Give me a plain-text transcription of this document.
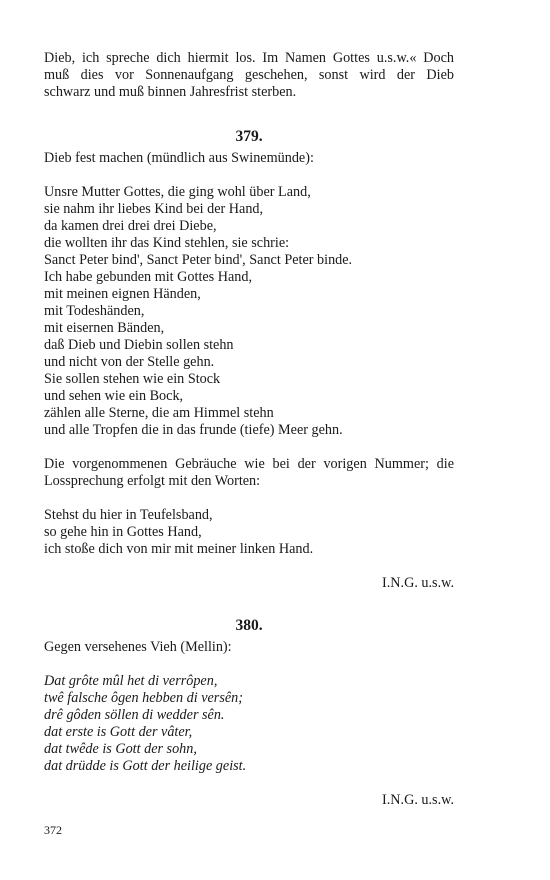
Dieb, ich spreche dich hiermit los. Im Namen Gottes u.s.w.« Doch
muß dies vor Sonnenaufgang geschehen, sonst wird der Dieb
schwarz und muß binnen Jahresfrist sterben.

379.

Dieb fest machen (mündlich aus Swinemünde):

Unsre Mutter Gottes, die ging wohl über Land,
sie nahm ihr liebes Kind bei der Hand,
da kamen drei drei drei Diebe,
die wollten ihr das Kind stehlen, sie schrie:
Sanct Peter bind', Sanct Peter bind', Sanct Peter binde.
Ich habe gebunden mit Gottes Hand,
mit meinen eignen Händen,
mit Todeshänden,
mit eisernen Bänden,
daß Dieb und Diebin sollen stehn
und nicht von der Stelle gehn.
Sie sollen stehen wie ein Stock
und sehen wie ein Bock,
zählen alle Sterne, die am Himmel stehn
und alle Tropfen die in das frunde (tiefe) Meer gehn.
Die vorgenommenen Gebräuche wie bei der vorigen Nummer; die
Lossprechung erfolgt mit den Worten:
Stehst du hier in Teufelsband,
so gehe hin in Gottes Hand,
ich stoße dich von mir mit meiner linken Hand.

I.N.G. u.s.w.

380.

Gegen versehenes Vieh (Mellin):

Dat grôte mûl het di verrôpen,
twê falsche ôgen hebben di versên;
drê gôden söllen di wedder sên.
dat erste is Gott der vâter,
dat twêde is Gott der sohn,
dat drüdde is Gott der heilige geist.

I.N.G. u.s.w.

372
